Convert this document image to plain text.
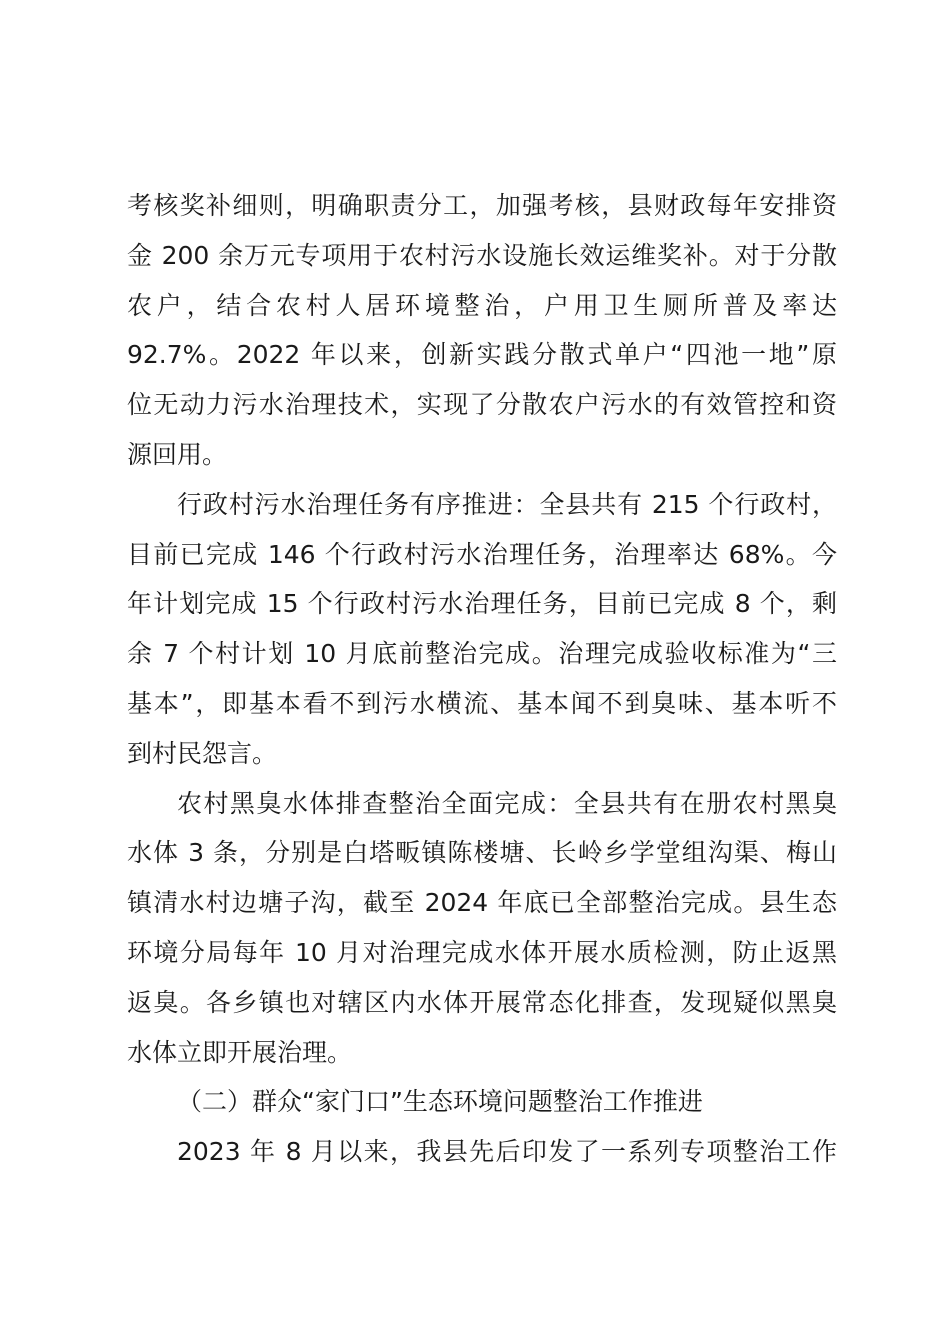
考核奖补细则，明确职责分工，加强考核，县财政每年安排资
金 200 余万元专项用于农村污水设施长效运维奖补。对于分散
农户，结合农村人居环境整治，户用卫生厕所普及率达
92.7%。2022 年以来，创新实践分散式单户“四池一地”原
位无动力污水治理技术，实现了分散农户污水的有效管控和资
源回用。
行政村污水治理任务有序推进：全县共有 215 个行政村，
目前已完成 146 个行政村污水治理任务，治理率达 68%。今
年计划完成 15 个行政村污水治理任务，目前已完成 8 个，剩
余 7 个村计划 10 月底前整治完成。治理完成验收标准为“三
基本”，即基本看不到污水横流、基本闻不到臭味、基本听不
到村民怨言。
农村黑臭水体排查整治全面完成：全县共有在册农村黑臭
水体 3 条，分别是白塔畈镇陈楼塘、长岭乡学堂组沟渠、梅山
镇清水村边塘子沟，截至 2024 年底已全部整治完成。县生态
环境分局每年 10 月对治理完成水体开展水质检测，防止返黑
返臭。各乡镇也对辖区内水体开展常态化排查，发现疑似黑臭
水体立即开展治理。
（二）群众“家门口”生态环境问题整治工作推进
2023 年 8 月以来，我县先后印发了一系列专项整治工作
